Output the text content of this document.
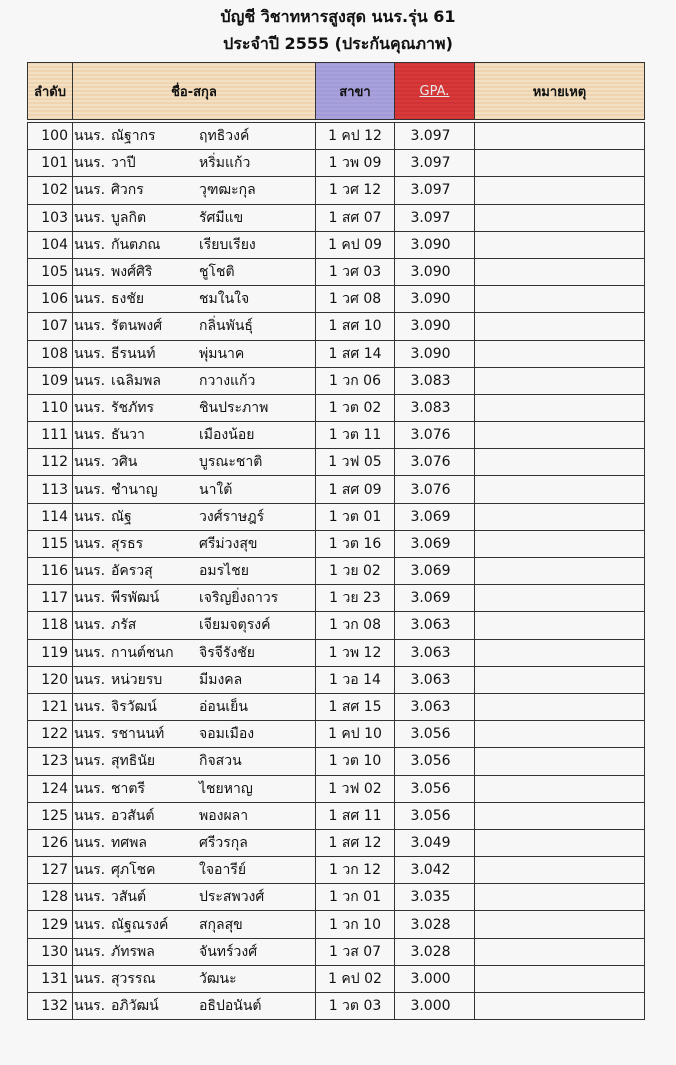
บัญชี วิชาทหารสูงสุด นนร.รุ่น 61
ประจำปี 2555 (ประกันคุณภาพ)
ลำดับ	ชื่อ-สกุล	สาขา	GPA.	หมายเหตุ

100	นนร. ณัฐากร ฤทธิวงค์	1 คป 12	3.097	
101	นนร. วาปี หริ่มแก้ว	1 วพ 09	3.097	
102	นนร. ศิวกร วุฑฒะกุล	1 วศ 12	3.097	
103	นนร. บูลกิต รัศมีแข	1 สศ 07	3.097	
104	นนร. กันตภณ เรียบเรียง	1 คป 09	3.090	
105	นนร. พงศ์ศิริ ชูโชติ	1 วศ 03	3.090	
106	นนร. ธงชัย ชมในใจ	1 วศ 08	3.090	
107	นนร. รัตนพงศ์ กลิ่นพันธุ์	1 สศ 10	3.090	
108	นนร. ธีรนนท์ พุ่มนาค	1 สศ 14	3.090	
109	นนร. เฉลิมพล กวางแก้ว	1 วก 06	3.083	
110	นนร. รัชภัทร ชินประภาพ	1 วต 02	3.083	
111	นนร. ธันวา เมืองน้อย	1 วต 11	3.076	
112	นนร. วศิน บูรณะชาติ	1 วฟ 05	3.076	
113	นนร. ชำนาญ นาใต้	1 สศ 09	3.076	
114	นนร. ณัฐ วงศ์ราษฎร์	1 วต 01	3.069	
115	นนร. สุรธร ศรีม่วงสุข	1 วต 16	3.069	
116	นนร. อัครวสุ อมรไชย	1 วย 02	3.069	
117	นนร. พีรพัฒน์ เจริญยิ่งถาวร	1 วย 23	3.069	
118	นนร. ภรัส เจียมจตุรงค์	1 วก 08	3.063	
119	นนร. กานต์ชนก จิรจีรังชัย	1 วพ 12	3.063	
120	นนร. หน่วยรบ มีมงคล	1 วอ 14	3.063	
121	นนร. จิรวัฒน์ อ่อนเย็น	1 สศ 15	3.063	
122	นนร. รชานนท์ จอมเมือง	1 คป 10	3.056	
123	นนร. สุทธินัย กิจสวน	1 วต 10	3.056	
124	นนร. ชาตรี ไชยหาญ	1 วฟ 02	3.056	
125	นนร. อวสันต์ พองผลา	1 สศ 11	3.056	
126	นนร. ทศพล ศรีวรกุล	1 สศ 12	3.049	
127	นนร. ศุภโชค ใจอารีย์	1 วก 12	3.042	
128	นนร. วสันต์ ประสพวงศ์	1 วก 01	3.035	
129	นนร. ณัฐณรงค์ สกุลสุข	1 วก 10	3.028	
130	นนร. ภัทรพล จันทร์วงศ์	1 วส 07	3.028	
131	นนร. สุวรรณ วัฒนะ	1 คป 02	3.000	
132	นนร. อภิวัฒน์ อธิปอนันต์	1 วต 03	3.000	
